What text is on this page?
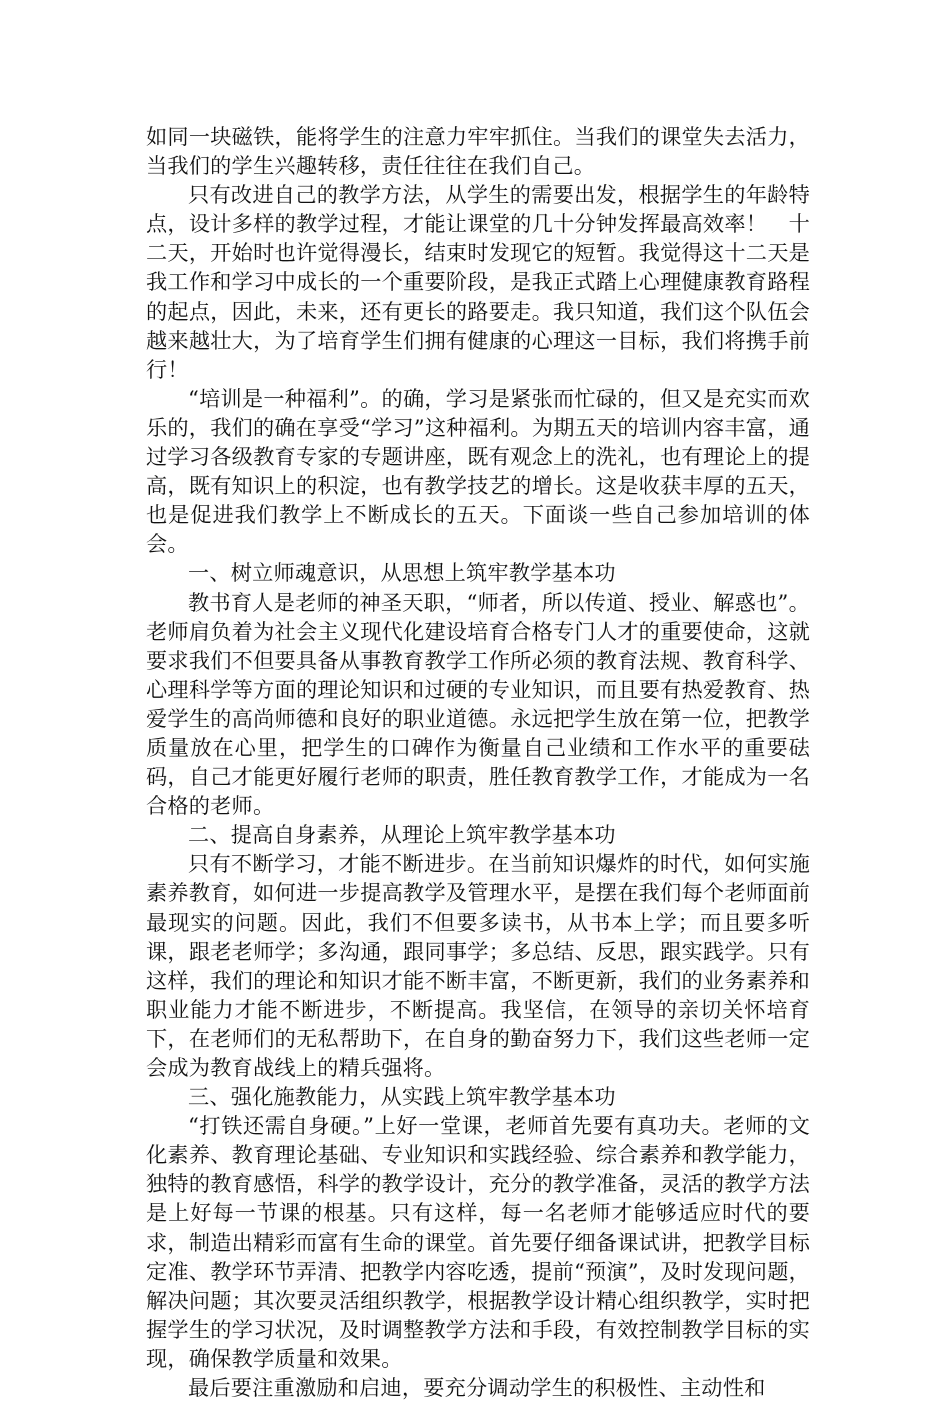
如同一块磁铁，能将学生的注意力牢牢抓住。当我们的课堂失去活力，当我们的学生兴趣转移，责任往往在我们自己。

只有改进自己的教学方法，从学生的需要出发，根据学生的年龄特点，设计多样的教学过程，才能让课堂的几十分钟发挥最高效率！　十二天，开始时也许觉得漫长，结束时发现它的短暂。我觉得这十二天是我工作和学习中成长的一个重要阶段，是我正式踏上心理健康教育路程的起点，因此，未来，还有更长的路要走。我只知道，我们这个队伍会越来越壮大，为了培育学生们拥有健康的心理这一目标，我们将携手前行！

“培训是一种福利”。的确，学习是紧张而忙碌的，但又是充实而欢乐的，我们的确在享受“学习”这种福利。为期五天的培训内容丰富，通过学习各级教育专家的专题讲座，既有观念上的洗礼，也有理论上的提高，既有知识上的积淀，也有教学技艺的增长。这是收获丰厚的五天，也是促进我们教学上不断成长的五天。下面谈一些自己参加培训的体会。

一、树立师魂意识，从思想上筑牢教学基本功

教书育人是老师的神圣天职，“师者，所以传道、授业、解惑也”。老师肩负着为社会主义现代化建设培育合格专门人才的重要使命，这就要求我们不但要具备从事教育教学工作所必须的教育法规、教育科学、心理科学等方面的理论知识和过硬的专业知识，而且要有热爱教育、热爱学生的高尚师德和良好的职业道德。永远把学生放在第一位，把教学质量放在心里，把学生的口碑作为衡量自己业绩和工作水平的重要砝码，自己才能更好履行老师的职责，胜任教育教学工作，才能成为一名合格的老师。

二、提高自身素养，从理论上筑牢教学基本功

只有不断学习，才能不断进步。在当前知识爆炸的时代，如何实施素养教育，如何进一步提高教学及管理水平，是摆在我们每个老师面前最现实的问题。因此，我们不但要多读书，从书本上学；而且要多听课，跟老老师学；多沟通，跟同事学；多总结、反思，跟实践学。只有这样，我们的理论和知识才能不断丰富，不断更新，我们的业务素养和职业能力才能不断进步，不断提高。我坚信，在领导的亲切关怀培育下，在老师们的无私帮助下，在自身的勤奋努力下，我们这些老师一定会成为教育战线上的精兵强将。

三、强化施教能力，从实践上筑牢教学基本功

“打铁还需自身硬。”上好一堂课，老师首先要有真功夫。老师的文化素养、教育理论基础、专业知识和实践经验、综合素养和教学能力，独特的教育感悟，科学的教学设计，充分的教学准备，灵活的教学方法是上好每一节课的根基。只有这样，每一名老师才能够适应时代的要求，制造出精彩而富有生命的课堂。首先要仔细备课试讲，把教学目标定准、教学环节弄清、把教学内容吃透，提前“预演”，及时发现问题，解决问题；其次要灵活组织教学，根据教学设计精心组织教学，实时把握学生的学习状况，及时调整教学方法和手段，有效控制教学目标的实现，确保教学质量和效果。

最后要注重激励和启迪，要充分调动学生的积极性、主动性和
